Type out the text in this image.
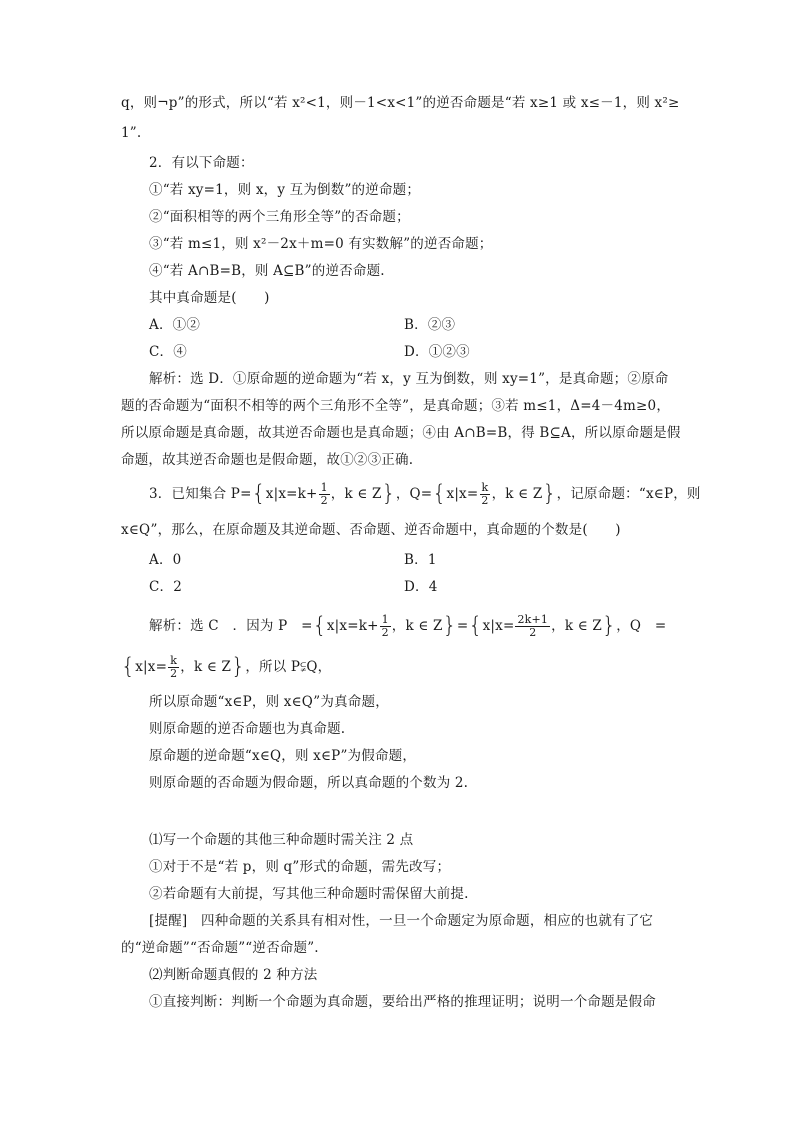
q，则¬p”的形式，所以“若 x²<1，则－1<x<1”的逆否命题是“若 x≥1 或 x≤－1，则 x²≥
1”.
2．有以下命题：
①“若 xy=1，则 x，y 互为倒数”的逆命题；
②“面积相等的两个三角形全等”的否命题；
③“若 m≤1，则 x²－2x＋m=0 有实数解”的逆否命题；
④“若 A∩B=B，则 A⊆B”的逆否命题.
其中真命题是(　　)
A．①②	B．②③
C．④	D．①②③
解析：选 D．①原命题的逆命题为“若 x，y 互为倒数，则 xy=1”，是真命题；②原命
题的否命题为“面积不相等的两个三角形不全等”，是真命题；③若 m≤1，Δ=4－4m≥0，
所以原命题是真命题，故其逆否命题也是真命题；④由 A∩B=B，得 B⊆A，所以原命题是假
命题，故其逆否命题也是假命题，故①②③正确.
3．已知集合 $P=\{x|x=k+ \frac{1}{2}$ ，k ∈ Z}，$Q=\{x|x= \frac{k}{2}$ ，k ∈ Z}，记原命题：“x∈P，则
x∈Q”，那么，在原命题及其逆命题、否命题、逆否命题中，真命题的个数是(　　)
A．0	B．1
C．2	D．4
解析：选 C　．因为 P　$=\{x|x=k+ \frac{1}{2}$ ，k ∈ $Z\}=\{x|x= \frac{2k+1}{2}$ ，k ∈ Z}，Q　=
{$x|x= \frac{k}{2}$ ，k ∈ Z}，所以 P⫋Q，
所以原命题“x∈P，则 x∈Q”为真命题，
则原命题的逆否命题也为真命题.
原命题的逆命题“x∈Q，则 x∈P”为假命题，
则原命题的否命题为假命题，所以真命题的个数为 2.
⑴写一个命题的其他三种命题时需关注 2 点
①对于不是“若 p，则 q”形式的命题，需先改写；
②若命题有大前提，写其他三种命题时需保留大前提.
[提醒]　四种命题的关系具有相对性，一旦一个命题定为原命题，相应的也就有了它
的“逆命题”“否命题”“逆否命题”.
⑵判断命题真假的 2 种方法
①直接判断：判断一个命题为真命题，要给出严格的推理证明；说明一个命题是假命
